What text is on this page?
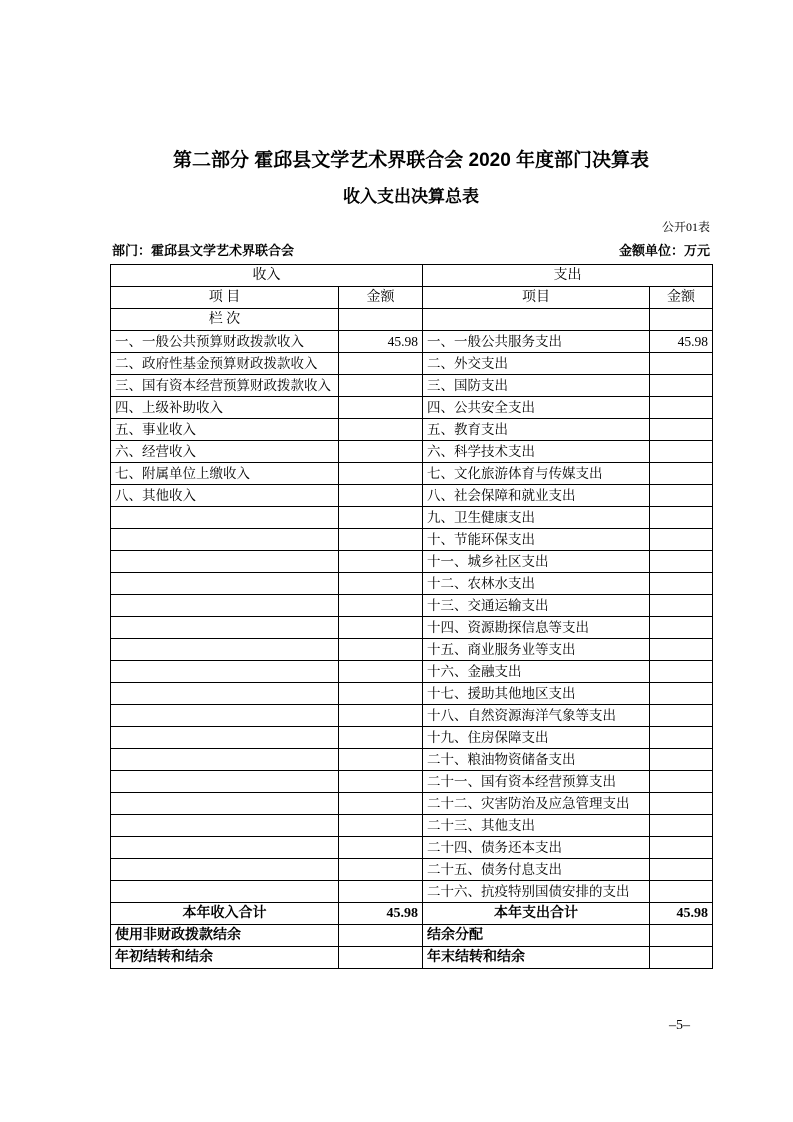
第二部分 霍邱县文学艺术界联合会 2020 年度部门决算表
收入支出决算总表
公开01表
部门：霍邱县文学艺术界联合会	金额单位：万元
收入		支出	
项 目	金额	项目	金额
栏 次			
一、一般公共预算财政拨款收入	45.98	一、一般公共服务支出	45.98
二、政府性基金预算财政拨款收入		二、外交支出	
三、国有资本经营预算财政拨款收入		三、国防支出	
四、上级补助收入		四、公共安全支出	
五、事业收入		五、教育支出	
六、经营收入		六、科学技术支出	
七、附属单位上缴收入		七、文化旅游体育与传媒支出	
八、其他收入		八、社会保障和就业支出	
		九、卫生健康支出	
		十、节能环保支出	
		十一、城乡社区支出	
		十二、农林水支出	
		十三、交通运输支出	
		十四、资源勘探信息等支出	
		十五、商业服务业等支出	
		十六、金融支出	
		十七、援助其他地区支出	
		十八、自然资源海洋气象等支出	
		十九、住房保障支出	
		二十、粮油物资储备支出	
		二十一、国有资本经营预算支出	
		二十二、灾害防治及应急管理支出	
		二十三、其他支出	
		二十四、债务还本支出	
		二十五、债务付息支出	
		二十六、抗疫特别国债安排的支出	
本年收入合计	45.98	本年支出合计	45.98
使用非财政拨款结余		结余分配	
年初结转和结余		年末结转和结余	
–5–
